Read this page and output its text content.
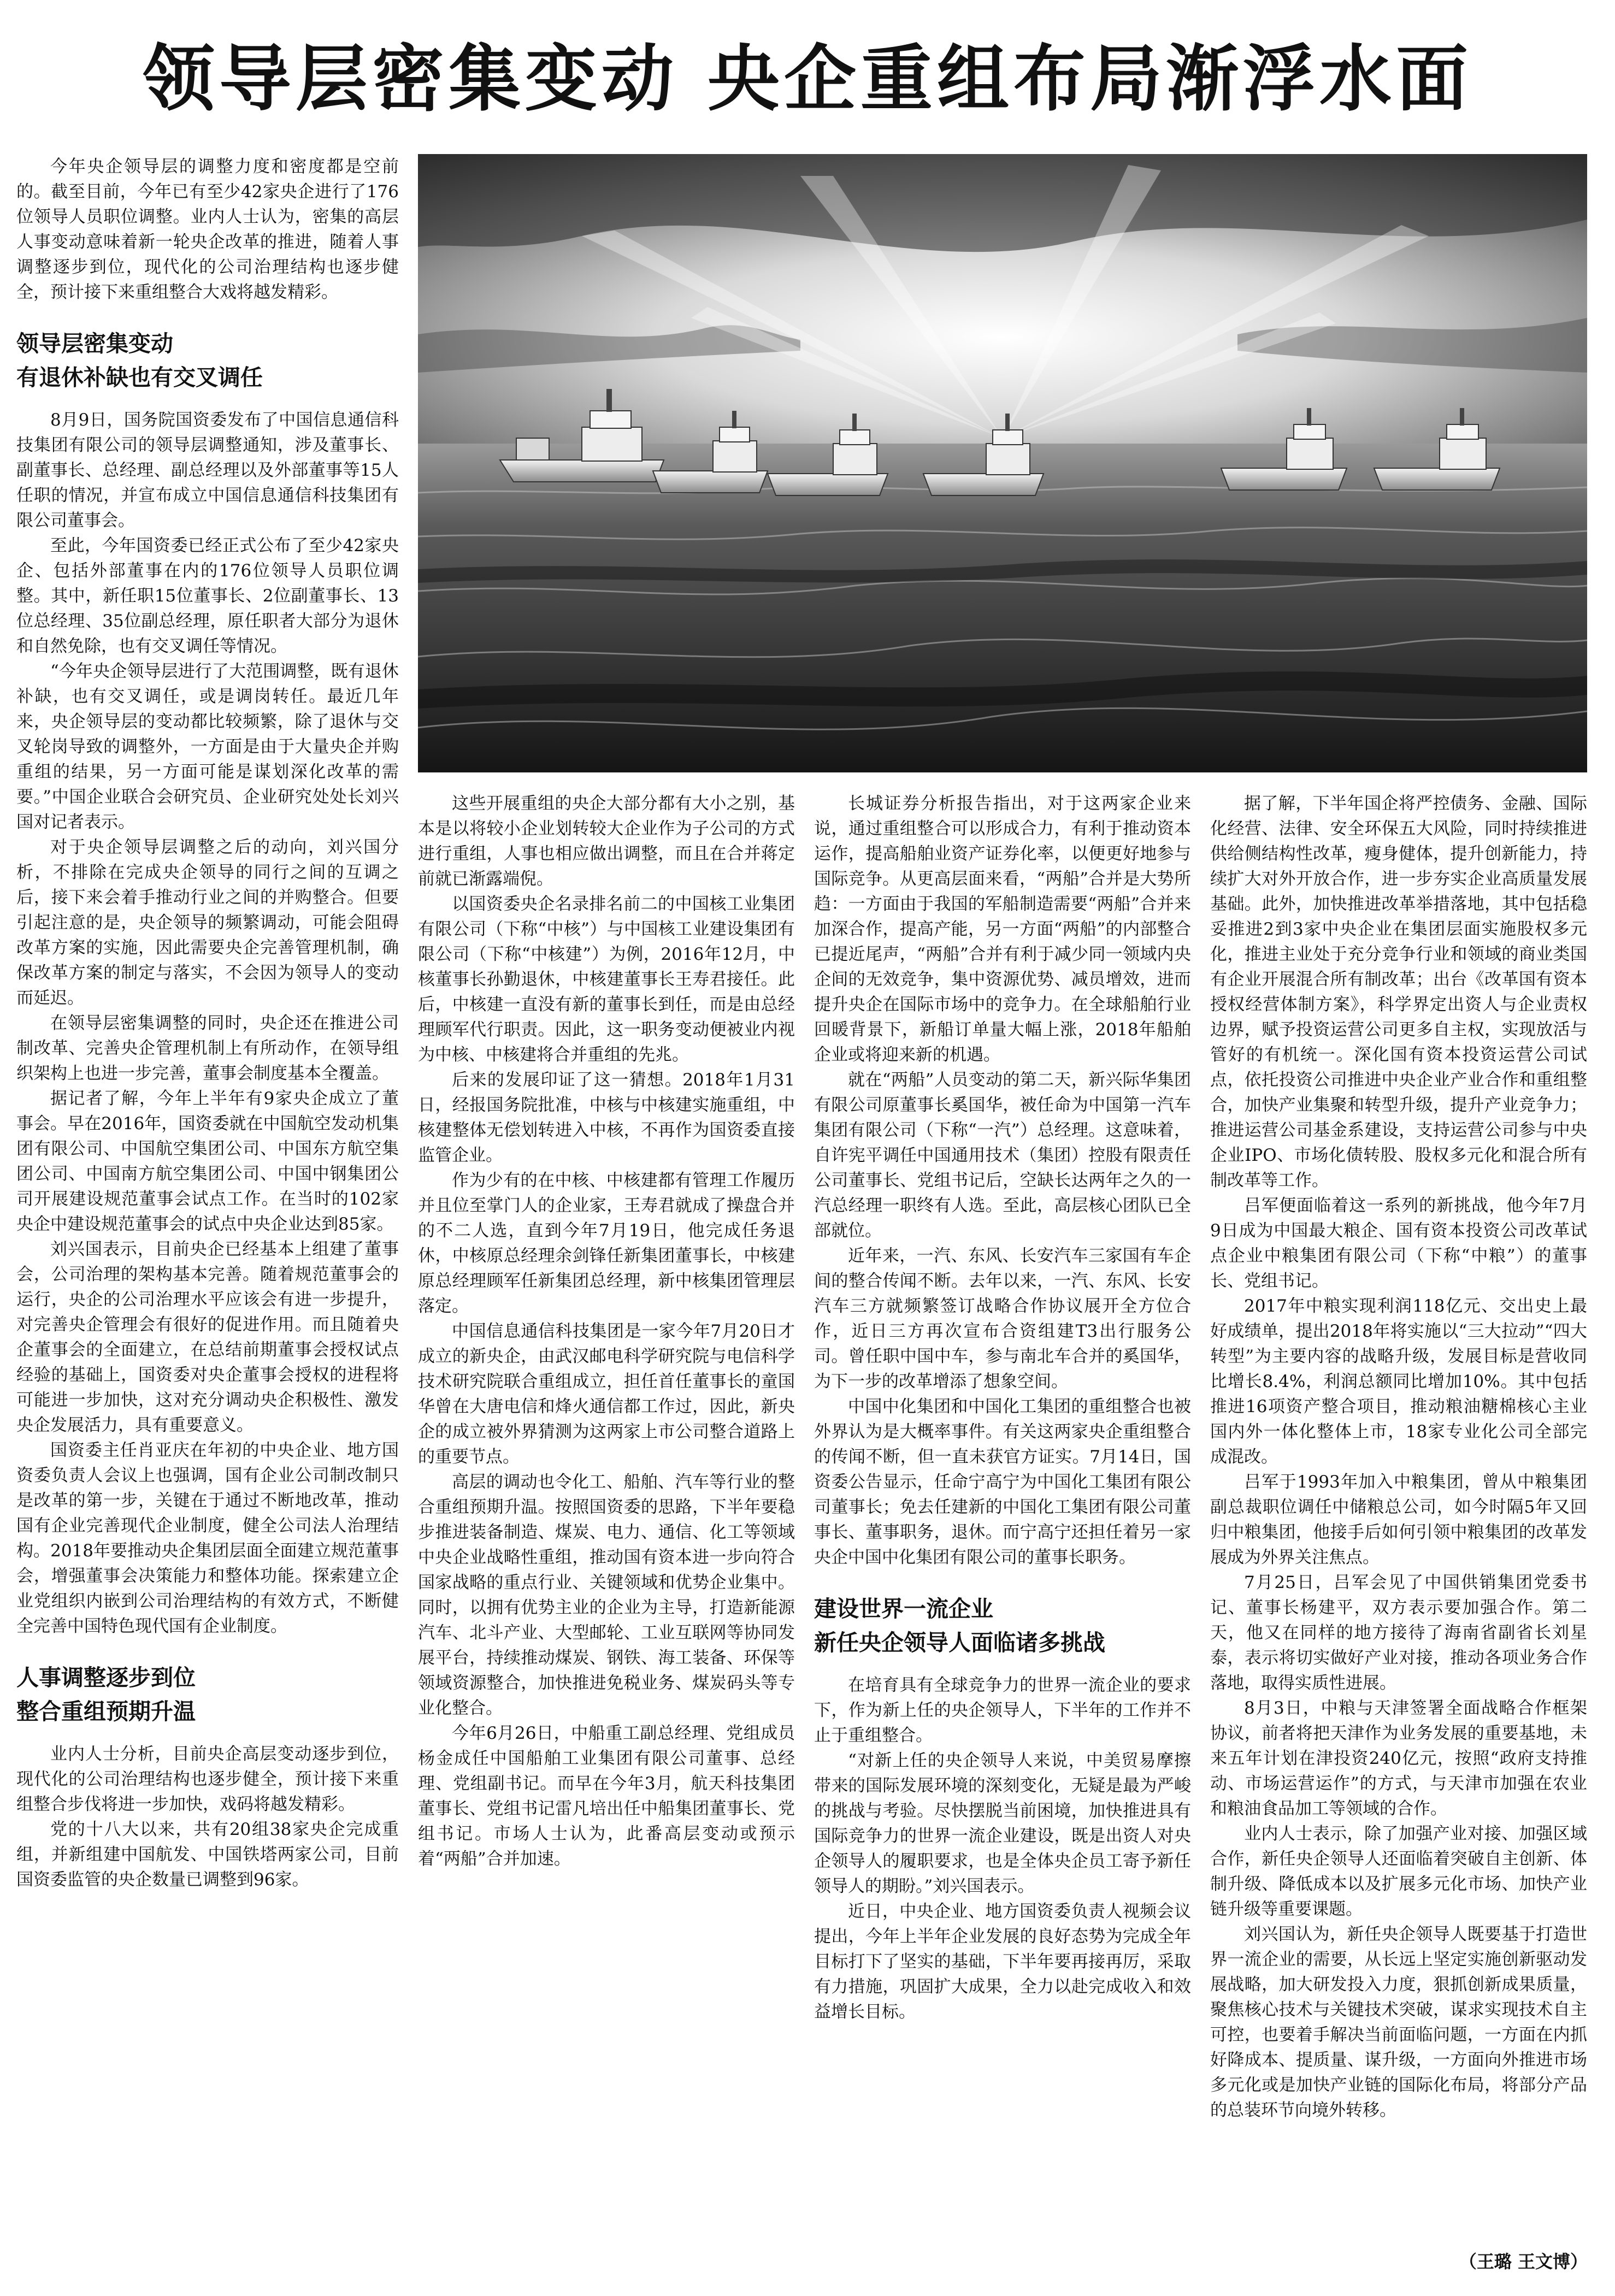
领导层密集变动 央企重组布局渐浮水面

今年央企领导层的调整力度和密度都是空前的。截至目前，今年已有至少42家央企进行了176位领导人员职位调整。业内人士认为，密集的高层人事变动意味着新一轮央企改革的推进，随着人事调整逐步到位，现代化的公司治理结构也逐步健全，预计接下来重组整合大戏将越发精彩。

领导层密集变动
有退休补缺也有交叉调任

8月9日，国务院国资委发布了中国信息通信科技集团有限公司的领导层调整通知，涉及董事长、副董事长、总经理、副总经理以及外部董事等15人任职的情况，并宣布成立中国信息通信科技集团有限公司董事会。

至此，今年国资委已经正式公布了至少42家央企、包括外部董事在内的176位领导人员职位调整。其中，新任职15位董事长、2位副董事长、13位总经理、35位副总经理，原任职者大部分为退休和自然免除，也有交叉调任等情况。

“今年央企领导层进行了大范围调整，既有退休补缺，也有交叉调任，或是调岗转任。最近几年来，央企领导层的变动都比较频繁，除了退休与交叉轮岗导致的调整外，一方面是由于大量央企并购重组的结果，另一方面可能是谋划深化改革的需要。”中国企业联合会研究员、企业研究处处长刘兴国对记者表示。

对于央企领导层调整之后的动向，刘兴国分析，不排除在完成央企领导的同行之间的互调之后，接下来会着手推动行业之间的并购整合。但要引起注意的是，央企领导的频繁调动，可能会阻碍改革方案的实施，因此需要央企完善管理机制，确保改革方案的制定与落实，不会因为领导人的变动而延迟。

在领导层密集调整的同时，央企还在推进公司制改革、完善央企管理机制上有所动作，在领导组织架构上也进一步完善，董事会制度基本全覆盖。

据记者了解，今年上半年有9家央企成立了董事会。早在2016年，国资委就在中国航空发动机集团有限公司、中国航空集团公司、中国东方航空集团公司、中国南方航空集团公司、中国中钢集团公司开展建设规范董事会试点工作。在当时的102家央企中建设规范董事会的试点中央企业达到85家。

刘兴国表示，目前央企已经基本上组建了董事会，公司治理的架构基本完善。随着规范董事会的运行，央企的公司治理水平应该会有进一步提升，对完善央企管理会有很好的促进作用。而且随着央企董事会的全面建立，在总结前期董事会授权试点经验的基础上，国资委对央企董事会授权的进程将可能进一步加快，这对充分调动央企积极性、激发央企发展活力，具有重要意义。

国资委主任肖亚庆在年初的中央企业、地方国资委负责人会议上也强调，国有企业公司制改制只是改革的第一步，关键在于通过不断地改革，推动国有企业完善现代企业制度，健全公司法人治理结构。2018年要推动央企集团层面全面建立规范董事会，增强董事会决策能力和整体功能。探索建立企业党组织内嵌到公司治理结构的有效方式，不断健全完善中国特色现代国有企业制度。

人事调整逐步到位
整合重组预期升温

业内人士分析，目前央企高层变动逐步到位，现代化的公司治理结构也逐步健全，预计接下来重组整合步伐将进一步加快，戏码将越发精彩。

党的十八大以来，共有20组38家央企完成重组，并新组建中国航发、中国铁塔两家公司，目前国资委监管的央企数量已调整到96家。

这些开展重组的央企大部分都有大小之别，基本是以将较小企业划转较大企业作为子公司的方式进行重组，人事也相应做出调整，而且在合并蒋定前就已渐露端倪。

以国资委央企名录排名前二的中国核工业集团有限公司（下称“中核”）与中国核工业建设集团有限公司（下称“中核建”）为例，2016年12月，中核董事长孙勤退休，中核建董事长王寿君接任。此后，中核建一直没有新的董事长到任，而是由总经理顾军代行职责。因此，这一职务变动便被业内视为中核、中核建将合并重组的先兆。

后来的发展印证了这一猜想。2018年1月31日，经报国务院批准，中核与中核建实施重组，中核建整体无偿划转进入中核，不再作为国资委直接监管企业。

作为少有的在中核、中核建都有管理工作履历并且位至掌门人的企业家，王寿君就成了操盘合并的不二人选，直到今年7月19日，他完成任务退休，中核原总经理余剑锋任新集团董事长，中核建原总经理顾军任新集团总经理，新中核集团管理层落定。

中国信息通信科技集团是一家今年7月20日才成立的新央企，由武汉邮电科学研究院与电信科学技术研究院联合重组成立，担任首任董事长的童国华曾在大唐电信和烽火通信都工作过，因此，新央企的成立被外界猜测为这两家上市公司整合道路上的重要节点。

高层的调动也令化工、船舶、汽车等行业的整合重组预期升温。按照国资委的思路，下半年要稳步推进装备制造、煤炭、电力、通信、化工等领域中央企业战略性重组，推动国有资本进一步向符合国家战略的重点行业、关键领域和优势企业集中。同时，以拥有优势主业的企业为主导，打造新能源汽车、北斗产业、大型邮轮、工业互联网等协同发展平台，持续推动煤炭、钢铁、海工装备、环保等领域资源整合，加快推进免税业务、煤炭码头等专业化整合。

今年6月26日，中船重工副总经理、党组成员杨金成任中国船舶工业集团有限公司董事、总经理、党组副书记。而早在今年3月，航天科技集团董事长、党组书记雷凡培出任中船集团董事长、党组书记。市场人士认为，此番高层变动或预示着“两船”合并加速。

长城证券分析报告指出，对于这两家企业来说，通过重组整合可以形成合力，有利于推动资本运作，提高船舶业资产证券化率，以便更好地参与国际竞争。从更高层面来看，“两船”合并是大势所趋：一方面由于我国的军船制造需要“两船”合并来加深合作，提高产能，另一方面“两船”的内部整合已提近尾声，“两船”合并有利于减少同一领域内央企间的无效竞争，集中资源优势、减员增效，进而提升央企在国际市场中的竞争力。在全球船舶行业回暖背景下，新船订单量大幅上涨，2018年船舶企业或将迎来新的机遇。

就在“两船”人员变动的第二天，新兴际华集团有限公司原董事长奚国华，被任命为中国第一汽车集团有限公司（下称“一汽”）总经理。这意味着，自许宪平调任中国通用技术（集团）控股有限责任公司董事长、党组书记后，空缺长达两年之久的一汽总经理一职终有人选。至此，高层核心团队已全部就位。

近年来，一汽、东风、长安汽车三家国有车企间的整合传闻不断。去年以来，一汽、东风、长安汽车三方就频繁签订战略合作协议展开全方位合作，近日三方再次宣布合资组建T3出行服务公司。曾任职中国中车，参与南北车合并的奚国华，为下一步的改革增添了想象空间。

中国中化集团和中国化工集团的重组整合也被外界认为是大概率事件。有关这两家央企重组整合的传闻不断，但一直未获官方证实。7月14日，国资委公告显示，任命宁高宁为中国化工集团有限公司董事长；免去任建新的中国化工集团有限公司董事长、董事职务，退休。而宁高宁还担任着另一家央企中国中化集团有限公司的董事长职务。

建设世界一流企业
新任央企领导人面临诸多挑战

在培育具有全球竞争力的世界一流企业的要求下，作为新上任的央企领导人，下半年的工作并不止于重组整合。

“对新上任的央企领导人来说，中美贸易摩擦带来的国际发展环境的深刻变化，无疑是最为严峻的挑战与考验。尽快摆脱当前困境，加快推进具有国际竞争力的世界一流企业建设，既是出资人对央企领导人的履职要求，也是全体央企员工寄予新任领导人的期盼。”刘兴国表示。

近日，中央企业、地方国资委负责人视频会议提出，今年上半年企业发展的良好态势为完成全年目标打下了坚实的基础，下半年要再接再厉，采取有力措施，巩固扩大成果，全力以赴完成收入和效益增长目标。

据了解，下半年国企将严控债务、金融、国际化经营、法律、安全环保五大风险，同时持续推进供给侧结构性改革，瘦身健体，提升创新能力，持续扩大对外开放合作，进一步夯实企业高质量发展基础。此外，加快推进改革举措落地，其中包括稳妥推进2到3家中央企业在集团层面实施股权多元化，推进主业处于充分竞争行业和领域的商业类国有企业开展混合所有制改革；出台《改革国有资本授权经营体制方案》，科学界定出资人与企业责权边界，赋予投资运营公司更多自主权，实现放活与管好的有机统一。深化国有资本投资运营公司试点，依托投资公司推进中央企业产业合作和重组整合，加快产业集聚和转型升级，提升产业竞争力；推进运营公司基金系建设，支持运营公司参与中央企业IPO、市场化债转股、股权多元化和混合所有制改革等工作。

吕军便面临着这一系列的新挑战，他今年7月9日成为中国最大粮企、国有资本投资公司改革试点企业中粮集团有限公司（下称“中粮”）的董事长、党组书记。

2017年中粮实现利润118亿元、交出史上最好成绩单，提出2018年将实施以“三大拉动”“四大转型”为主要内容的战略升级，发展目标是营收同比增长8.4%，利润总额同比增加10%。其中包括推进16项资产整合项目，推动粮油糖棉核心主业国内外一体化整体上市，18家专业化公司全部完成混改。

吕军于1993年加入中粮集团，曾从中粮集团副总裁职位调任中储粮总公司，如今时隔5年又回归中粮集团，他接手后如何引领中粮集团的改革发展成为外界关注焦点。

7月25日，吕军会见了中国供销集团党委书记、董事长杨建平，双方表示要加强合作。第二天，他又在同样的地方接待了海南省副省长刘星泰，表示将切实做好产业对接，推动各项业务合作落地，取得实质性进展。

8月3日，中粮与天津签署全面战略合作框架协议，前者将把天津作为业务发展的重要基地，未来五年计划在津投资240亿元，按照“政府支持推动、市场运营运作”的方式，与天津市加强在农业和粮油食品加工等领域的合作。

业内人士表示，除了加强产业对接、加强区域合作，新任央企领导人还面临着突破自主创新、体制升级、降低成本以及扩展多元化市场、加快产业链升级等重要课题。

刘兴国认为，新任央企领导人既要基于打造世界一流企业的需要，从长远上坚定实施创新驱动发展战略，加大研发投入力度，狠抓创新成果质量，聚焦核心技术与关键技术突破，谋求实现技术自主可控，也要着手解决当前面临问题，一方面在内抓好降成本、提质量、谋升级，一方面向外推进市场多元化或是加快产业链的国际化布局，将部分产品的总装环节向境外转移。

（王璐 王文博）
